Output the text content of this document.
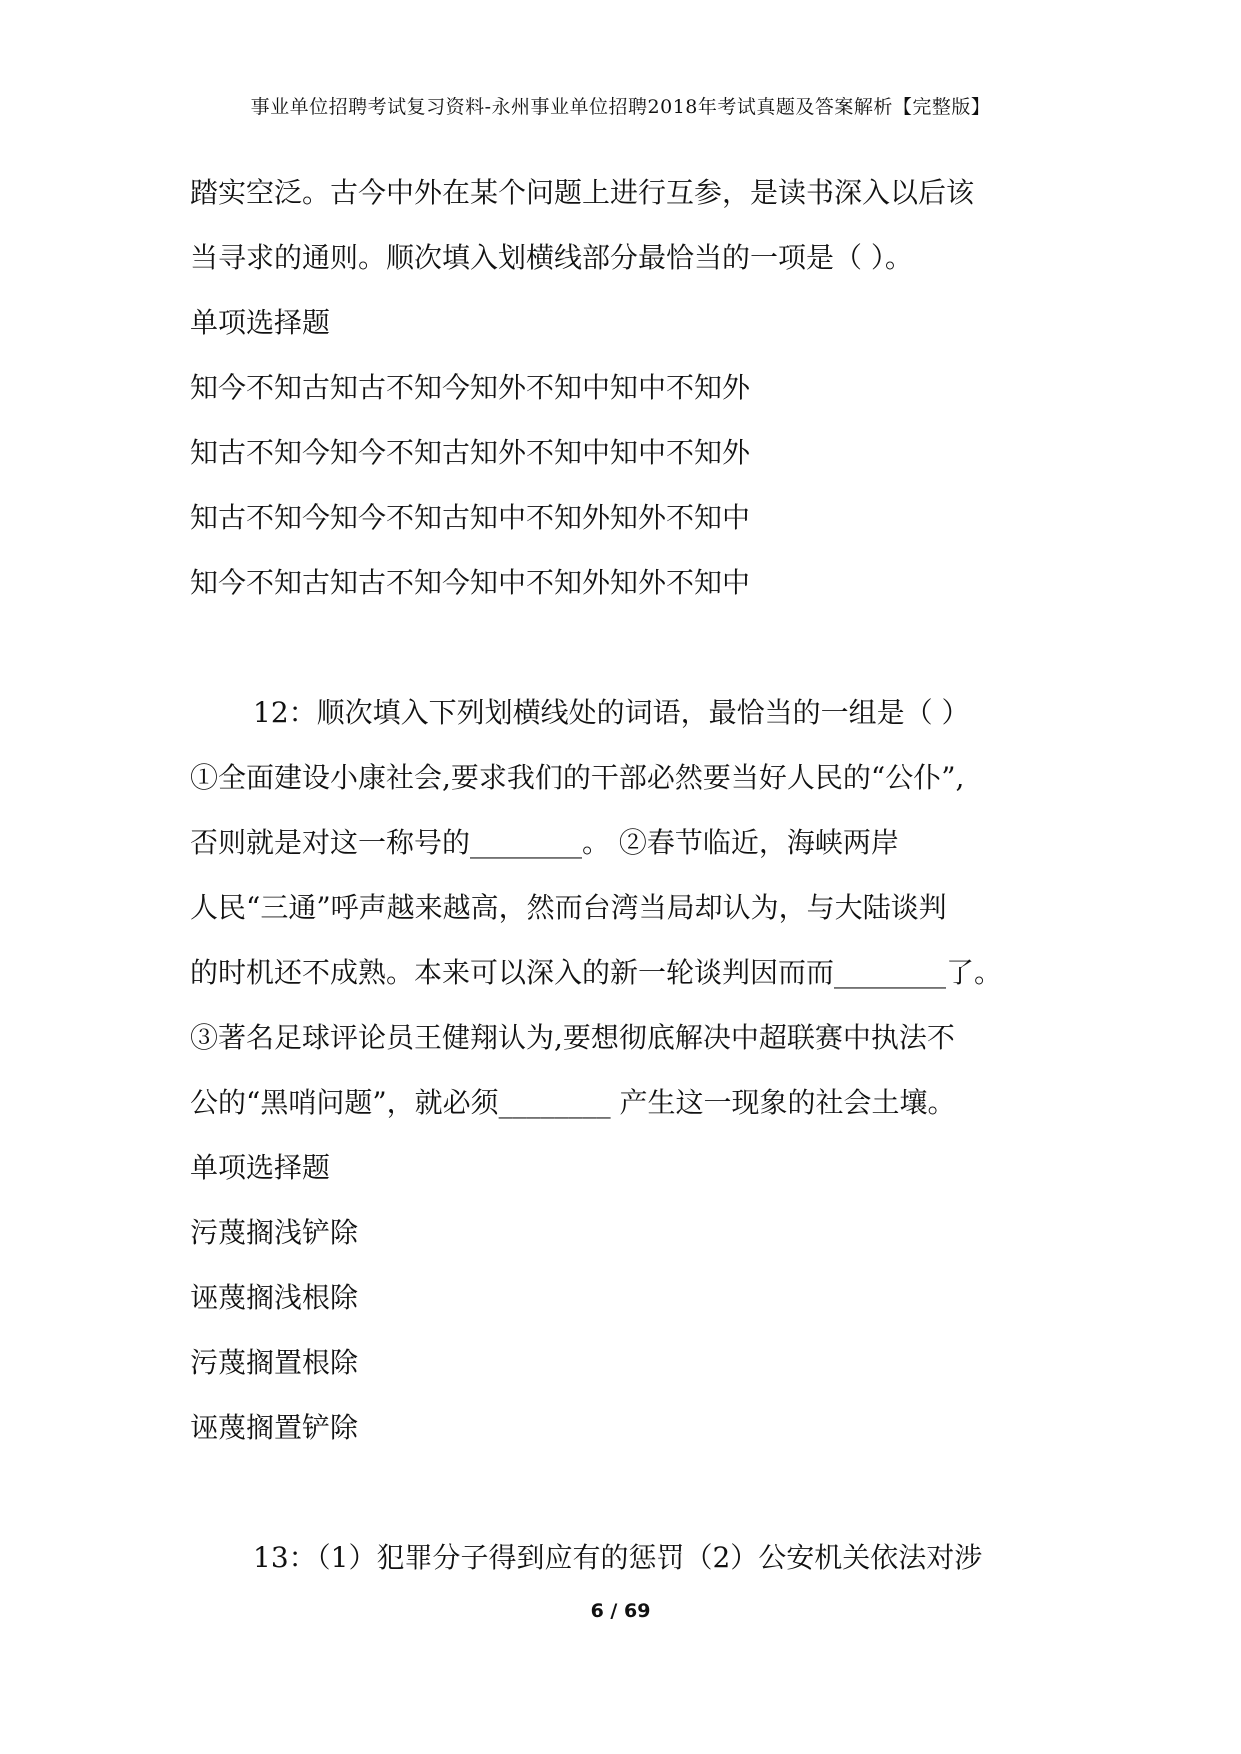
事业单位招聘考试复习资料-永州事业单位招聘2018年考试真题及答案解析【完整版】

踏实空泛。古今中外在某个问题上进行互参，是读书深入以后该

当寻求的通则。顺次填入划横线部分最恰当的一项是（ ）。

单项选择题

知今不知古知古不知今知外不知中知中不知外

知古不知今知今不知古知外不知中知中不知外

知古不知今知今不知古知中不知外知外不知中

知今不知古知古不知今知中不知外知外不知中

12：顺次填入下列划横线处的词语，最恰当的一组是（ ）

①全面建设小康社会,要求我们的干部必然要当好人民的“公仆”,

否则就是对这一称号的________。 ②春节临近，海峡两岸

人民“三通”呼声越来越高，然而台湾当局却认为，与大陆谈判

的时机还不成熟。本来可以深入的新一轮谈判因而而________了。

③著名足球评论员王健翔认为,要想彻底解决中超联赛中执法不

公的“黑哨问题”，就必须________ 产生这一现象的社会土壤。

单项选择题

污蔑搁浅铲除

诬蔑搁浅根除

污蔑搁置根除

诬蔑搁置铲除

13：（1）犯罪分子得到应有的惩罚（2）公安机关依法对涉

6 / 69
